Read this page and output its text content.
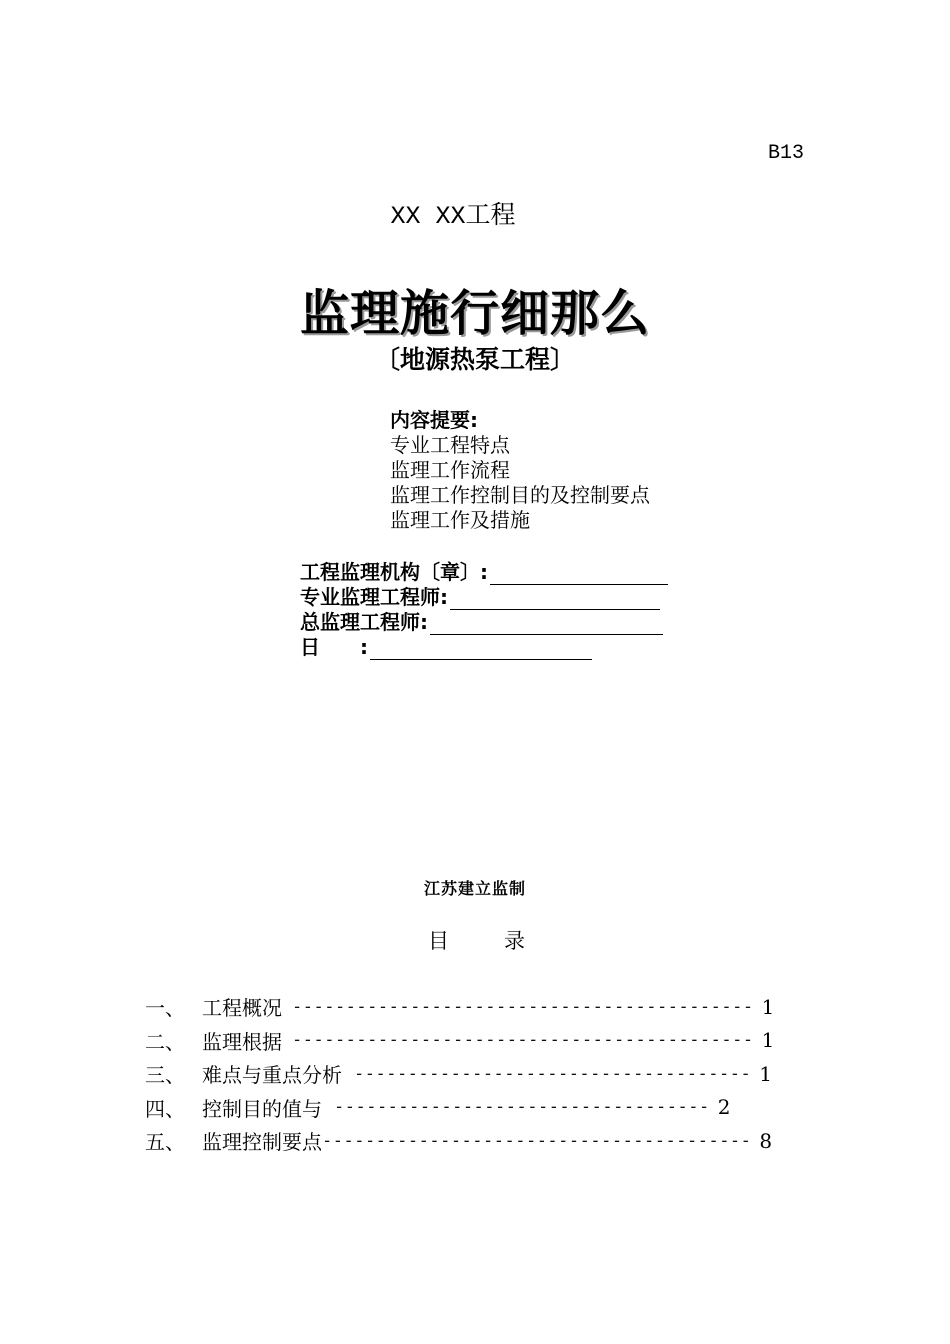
B13
XX XX工程
监理施行细那么
〔地源热泵工程〕
内容提要:
专业工程特点
监理工作流程
监理工作控制目的及控制要点
监理工作及措施
工程监理机构〔章〕:
专业监理工程师:
总监理工程师:
日　　:
江苏建立监制
目	录
一、 工程概况 ------------------------------------------- 1
二、 监理根据 ------------------------------------------- 1
三、 难点与重点分析 ------------------------------------- 1
四、 控制目的值与 ----------------------------------- 2
五、 监理控制要点 ---------------------------------------- 8
